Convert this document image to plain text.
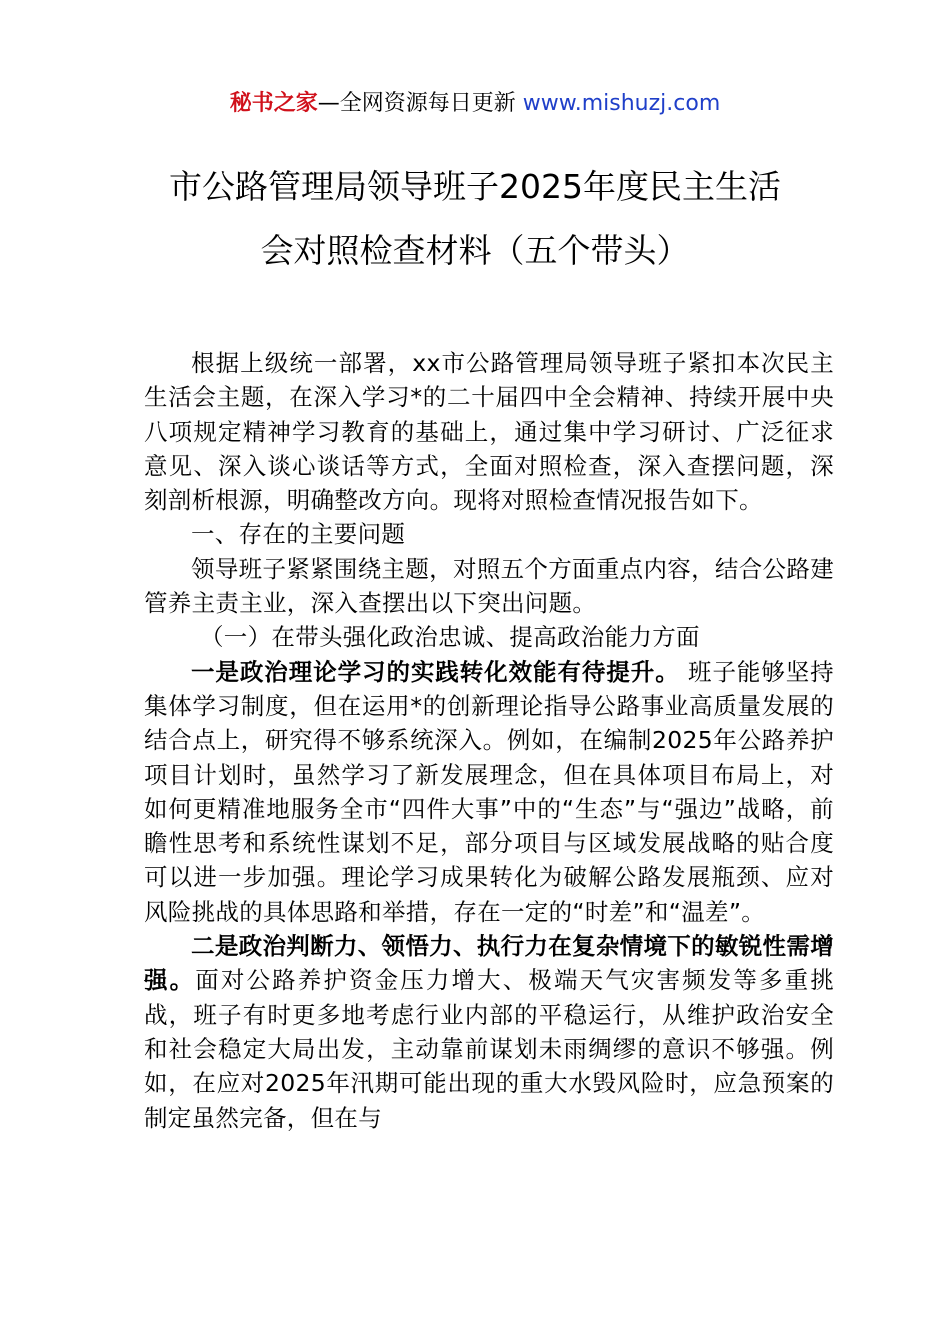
秘书之家—全网资源每日更新 www.mishuzj.com
市公路管理局领导班子2025年度民主生活
会对照检查材料（五个带头）

根据上级统一部署，xx市公路管理局领导班子紧扣本次民主生活会主题，在深入学习*的二十届四中全会精神、持续开展中央八项规定精神学习教育的基础上，通过集中学习研讨、广泛征求意见、深入谈心谈话等方式，全面对照检查，深入查摆问题，深刻剖析根源，明确整改方向。现将对照检查情况报告如下。

一、存在的主要问题

领导班子紧紧围绕主题，对照五个方面重点内容，结合公路建管养主责主业，深入查摆出以下突出问题。

（一）在带头强化政治忠诚、提高政治能力方面

一是政治理论学习的实践转化效能有待提升。 班子能够坚持集体学习制度，但在运用*的创新理论指导公路事业高质量发展的结合点上，研究得不够系统深入。例如，在编制2025年公路养护项目计划时，虽然学习了新发展理念，但在具体项目布局上，对如何更精准地服务全市“四件大事”中的“生态”与“强边”战略，前瞻性思考和系统性谋划不足，部分项目与区域发展战略的贴合度可以进一步加强。理论学习成果转化为破解公路发展瓶颈、应对风险挑战的具体思路和举措，存在一定的“时差”和“温差”。

二是政治判断力、领悟力、执行力在复杂情境下的敏锐性需增强。面对公路养护资金压力增大、极端天气灾害频发等多重挑战，班子有时更多地考虑行业内部的平稳运行，从维护政治安全和社会稳定大局出发，主动靠前谋划未雨绸缪的意识不够强。例如，在应对2025年汛期可能出现的重大水毁风险时，应急预案的制定虽然完备，但在与
